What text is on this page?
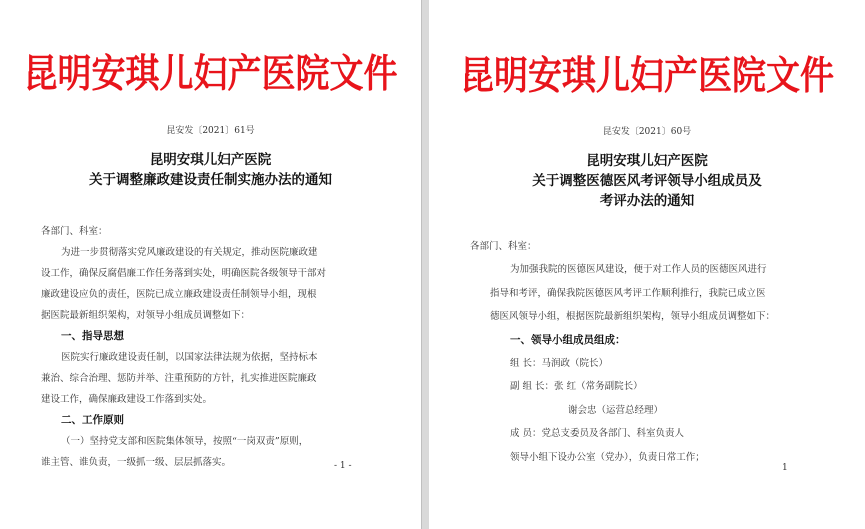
昆明安琪儿妇产医院文件
昆安发〔2021〕61号
昆明安琪儿妇产医院
关于调整廉政建设责任制实施办法的通知
各部门、科室：
为进一步贯彻落实党风廉政建设的有关规定，推动医院廉政建
设工作，确保反腐倡廉工作任务落到实处，明确医院各级领导干部对
廉政建设应负的责任，医院已成立廉政建设责任制领导小组，现根
据医院最新组织架构，对领导小组成员调整如下：
一、指导思想
医院实行廉政建设责任制，以国家法律法规为依据，坚持标本
兼治、综合治理、惩防并举、注重预防的方针，扎实推进医院廉政
建设工作，确保廉政建设工作落到实处。
二、工作原则
（一）坚持党支部和医院集体领导，按照“一岗双责”原则，
谁主管、谁负责，一级抓一级、层层抓落实。	- 1 -
昆明安琪儿妇产医院文件
昆安发〔2021〕60号
昆明安琪儿妇产医院
关于调整医德医风考评领导小组成员及
考评办法的通知
各部门、科室：
为加强我院的医德医风建设，便于对工作人员的医德医风进行
指导和考评，确保我院医德医风考评工作顺利推行，我院已成立医
德医风领导小组，根据医院最新组织架构，领导小组成员调整如下：
一、领导小组成员组成：
组 长：马润政（院长）
副 组 长：张 红（常务副院长）
谢会忠（运营总经理）
成 员：党总支委员及各部门、科室负责人
领导小组下设办公室（党办），负责日常工作；
1
